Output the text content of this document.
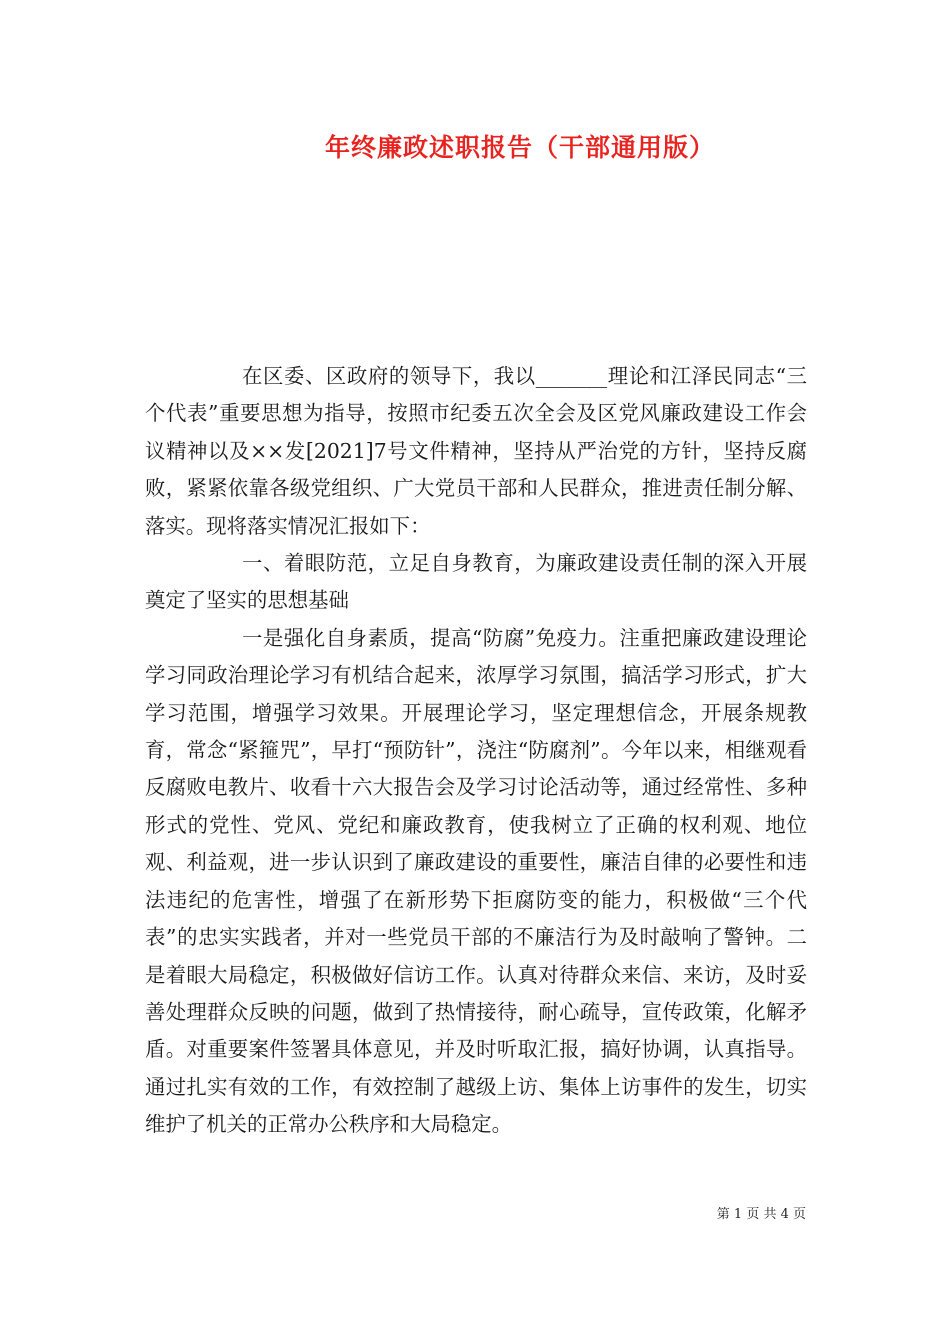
年终廉政述职报告（干部通用版）

在区委、区政府的领导下，我以_______理论和江泽民同志“三个代表”重要思想为指导，按照市纪委五次全会及区党风廉政建设工作会议精神以及××发[2021]7号文件精神，坚持从严治党的方针，坚持反腐败，紧紧依靠各级党组织、广大党员干部和人民群众，推进责任制分解、落实。现将落实情况汇报如下：

一、着眼防范，立足自身教育，为廉政建设责任制的深入开展奠定了坚实的思想基础

一是强化自身素质，提高“防腐”免疫力。注重把廉政建设理论学习同政治理论学习有机结合起来，浓厚学习氛围，搞活学习形式，扩大学习范围，增强学习效果。开展理论学习，坚定理想信念，开展条规教育，常念“紧箍咒”，早打“预防针”，浇注“防腐剂”。今年以来，相继观看反腐败电教片、收看十六大报告会及学习讨论活动等，通过经常性、多种形式的党性、党风、党纪和廉政教育，使我树立了正确的权利观、地位观、利益观，进一步认识到了廉政建设的重要性，廉洁自律的必要性和违法违纪的危害性，增强了在新形势下拒腐防变的能力，积极做“三个代表”的忠实实践者，并对一些党员干部的不廉洁行为及时敲响了警钟。二是着眼大局稳定，积极做好信访工作。认真对待群众来信、来访，及时妥善处理群众反映的问题，做到了热情接待，耐心疏导，宣传政策，化解矛盾。对重要案件签署具体意见，并及时听取汇报，搞好协调，认真指导。通过扎实有效的工作，有效控制了越级上访、集体上访事件的发生，切实维护了机关的正常办公秩序和大局稳定。

第 1 页 共 4 页
